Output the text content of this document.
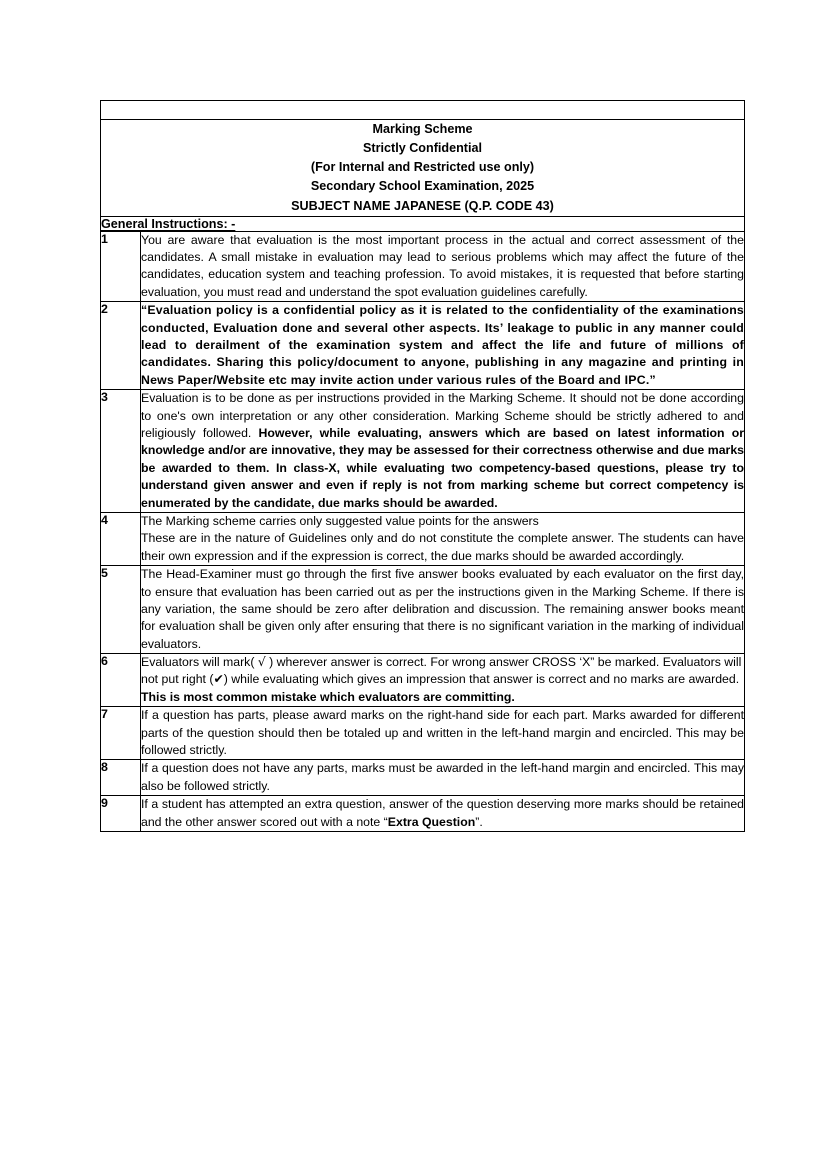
Marking Scheme
Strictly Confidential
(For Internal and Restricted use only)
Secondary School Examination, 2025
SUBJECT NAME JAPANESE (Q.P. CODE 43)	

General Instructions: -	
1	You are aware that evaluation is the most important process in the actual and correct assessment of the candidates. A small mistake in evaluation may lead to serious problems which may affect the future of the candidates, education system and teaching profession. To avoid mistakes, it is requested that before starting evaluation, you must read and understand the spot evaluation guidelines carefully.

2	“Evaluation policy is a confidential policy as it is related to the confidentiality of the examinations conducted, Evaluation done and several other aspects. Its’ leakage to public in any manner could lead to derailment of the examination system and affect the life and future of millions of candidates. Sharing this policy/document to anyone, publishing in any magazine and printing in News Paper/Website etc may invite action under various rules of the Board and IPC.”

3	Evaluation is to be done as per instructions provided in the Marking Scheme. It should not be done according to one's own interpretation or any other consideration. Marking Scheme should be strictly adhered to and religiously followed. However, while evaluating, answers which are based on latest information or knowledge and/or are innovative, they may be assessed for their correctness otherwise and due marks be awarded to them. In class-X, while evaluating two competency-based questions, please try to understand given answer and even if reply is not from marking scheme but correct competency is enumerated by the candidate, due marks should be awarded.

4	The Marking scheme carries only suggested value points for the answers

These are in the nature of Guidelines only and do not constitute the complete answer. The students can have their own expression and if the expression is correct, the due marks should be awarded accordingly.

5	The Head-Examiner must go through the first five answer books evaluated by each evaluator on the first day, to ensure that evaluation has been carried out as per the instructions given in the Marking Scheme. If there is any variation, the same should be zero after delibration and discussion. The remaining answer books meant for evaluation shall be given only after ensuring that there is no significant variation in the marking of individual evaluators.

6	Evaluators will mark( √ ) wherever answer is correct. For wrong answer CROSS ‘X” be marked. Evaluators will not put right (✔) while evaluating which gives an impression that answer is correct and no marks are awarded. This is most common mistake which evaluators are committing.

7	If a question has parts, please award marks on the right-hand side for each part. Marks awarded for different parts of the question should then be totaled up and written in the left-hand margin and encircled. This may be followed strictly.

8	If a question does not have any parts, marks must be awarded in the left-hand margin and encircled. This may also be followed strictly.

9	If a student has attempted an extra question, answer of the question deserving more marks should be retained and the other answer scored out with a note “Extra Question”.
